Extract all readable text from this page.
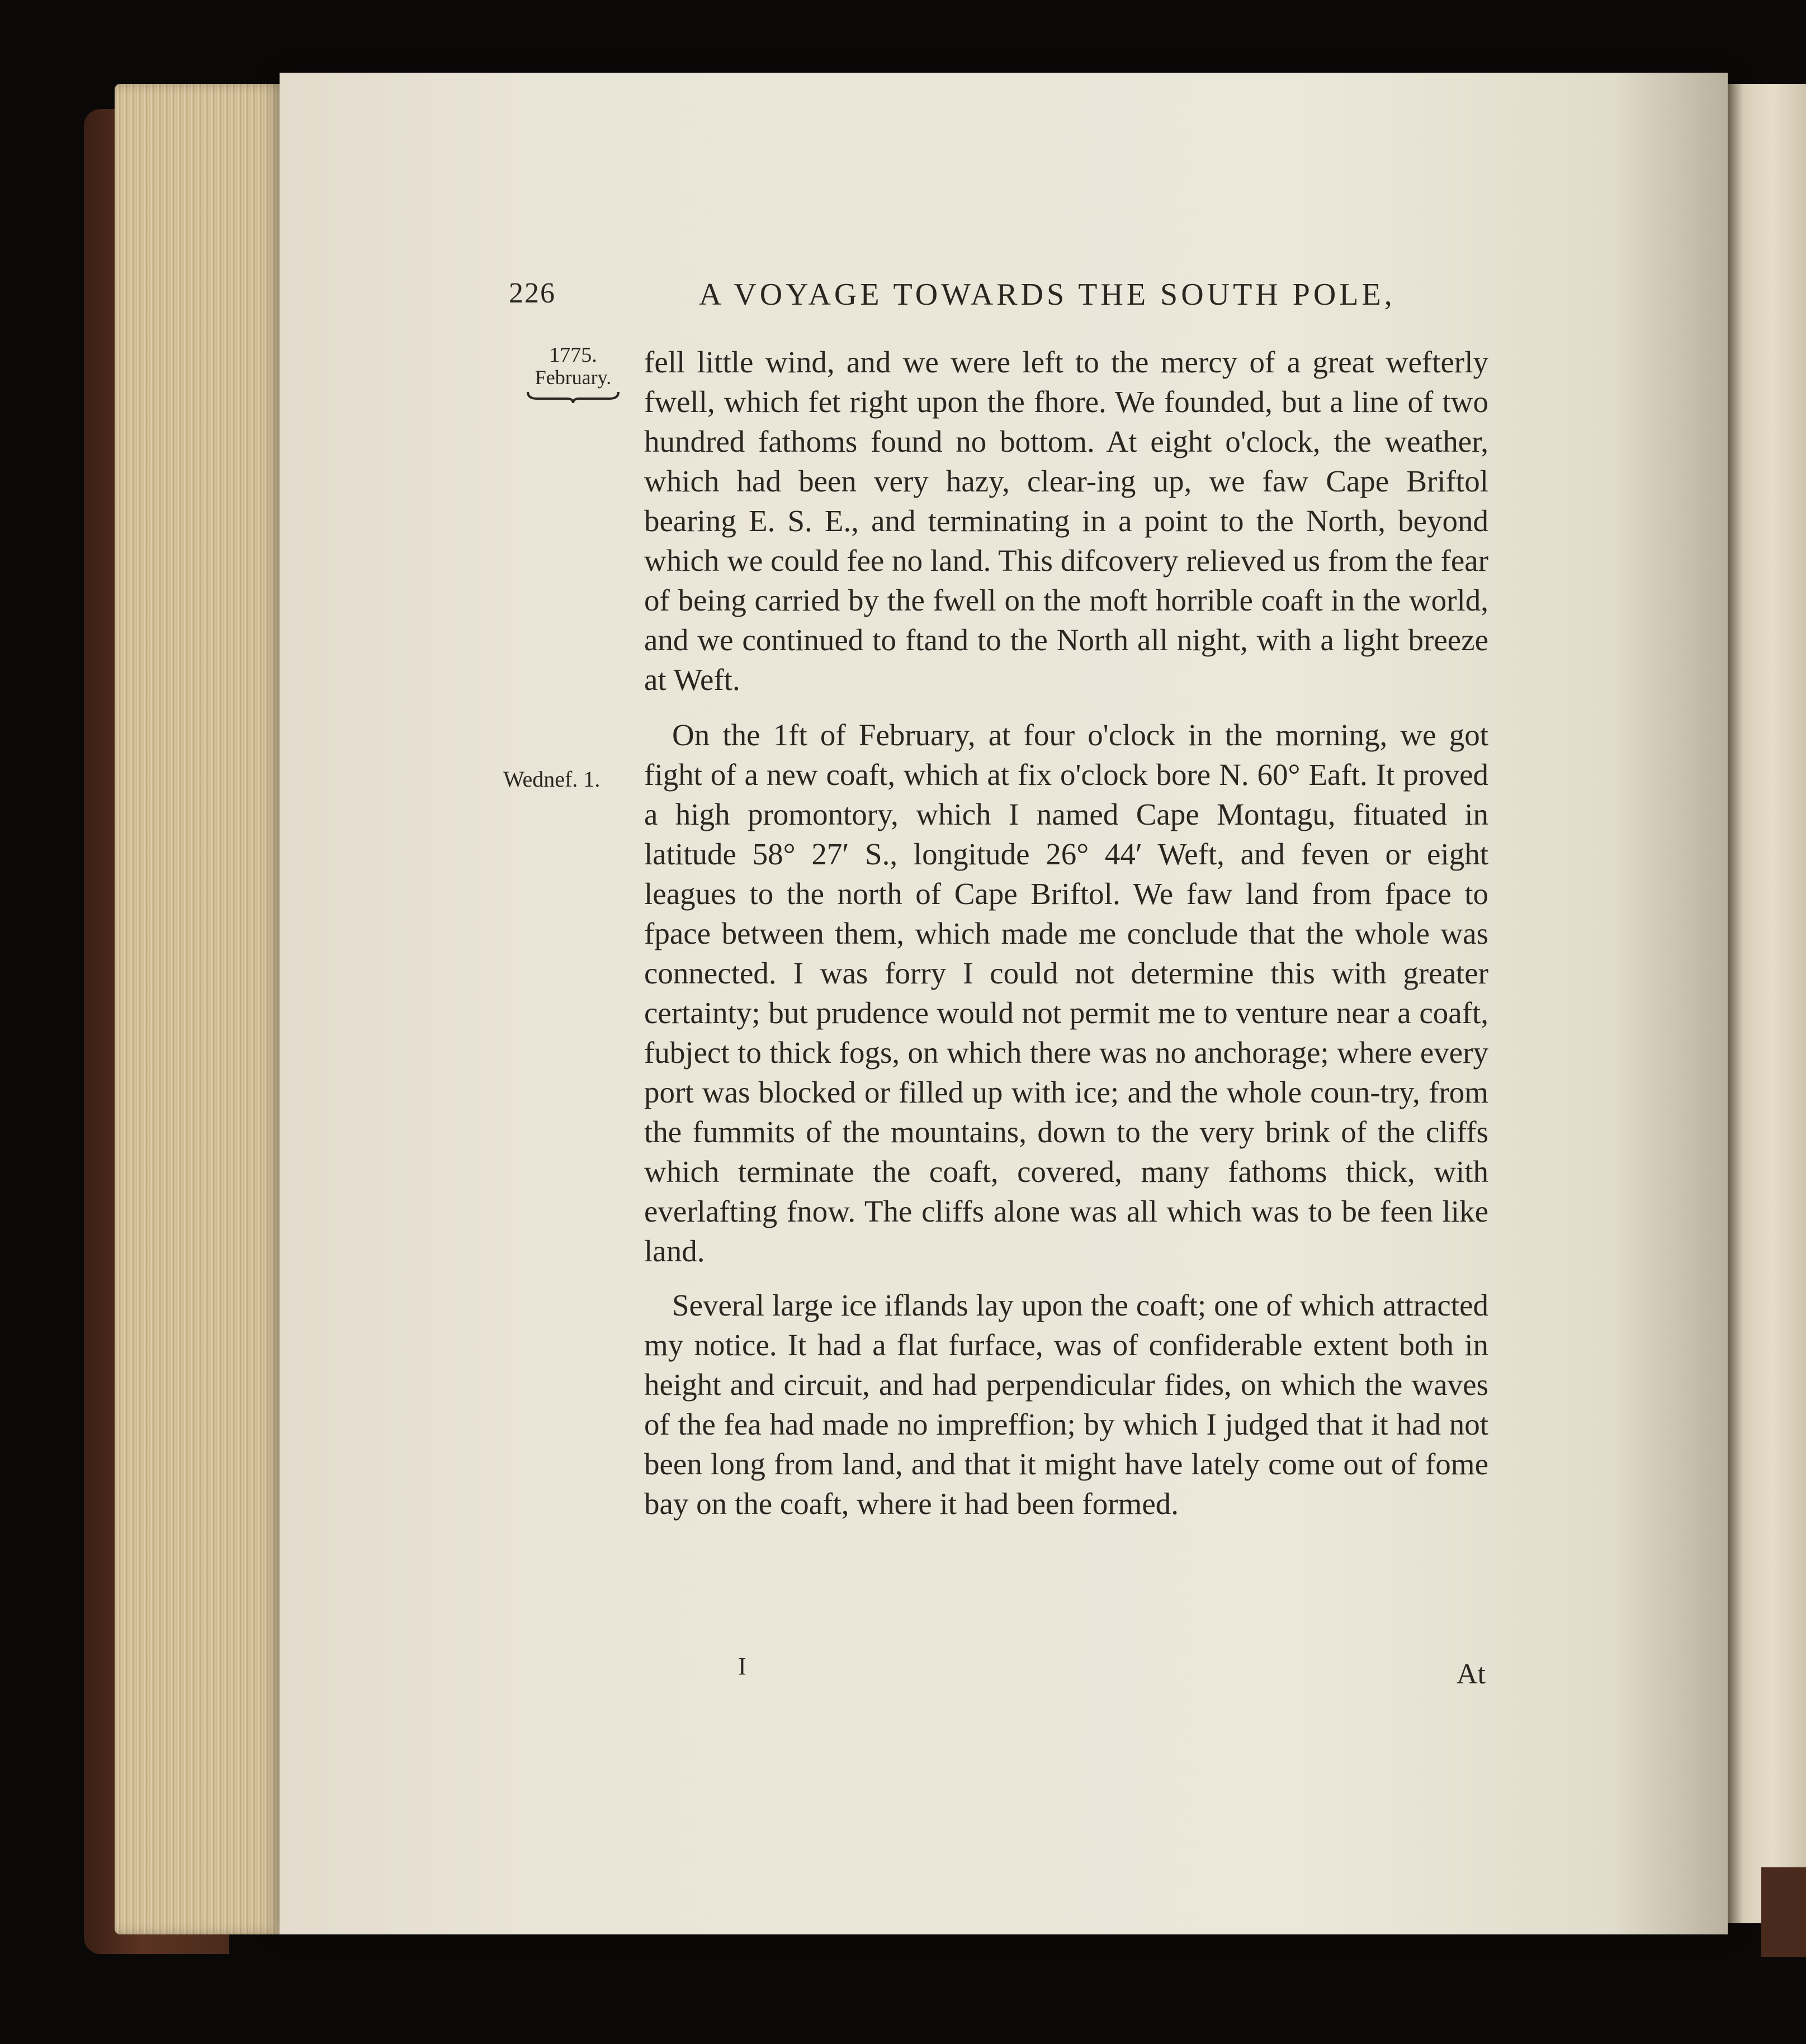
226	A VOYAGE TOWARDS THE SOUTH POLE,
1775.
February.
Wednef. 1.

fell little wind, and we were left to the mercy of a great wefterly fwell, which fet right upon the fhore. We founded, but a line of two hundred fathoms found no bottom. At eight o'clock, the weather, which had been very hazy, clear-ing up, we faw Cape Briftol bearing E. S. E., and terminating in a point to the North, beyond which we could fee no land. This difcovery relieved us from the fear of being carried by the fwell on the moft horrible coaft in the world, and we continued to ftand to the North all night, with a light breeze at Weft.

On the 1ft of February, at four o'clock in the morning, we got fight of a new coaft, which at fix o'clock bore N. 60° Eaft. It proved a high promontory, which I named Cape Montagu, fituated in latitude 58° 27′ S., longitude 26° 44′ Weft, and feven or eight leagues to the north of Cape Briftol. We faw land from fpace to fpace between them, which made me conclude that the whole was connected. I was forry I could not determine this with greater certainty; but prudence would not permit me to venture near a coaft, fubject to thick fogs, on which there was no anchorage; where every port was blocked or filled up with ice; and the whole coun-try, from the fummits of the mountains, down to the very brink of the cliffs which terminate the coaft, covered, many fathoms thick, with everlafting fnow. The cliffs alone was all which was to be feen like land.

Several large ice iflands lay upon the coaft; one of which attracted my notice. It had a flat furface, was of confiderable extent both in height and circuit, and had perpendicular fides, on which the waves of the fea had made no impreffion; by which I judged that it had not been long from land, and that it might have lately come out of fome bay on the coaft, where it had been formed.

I	At
